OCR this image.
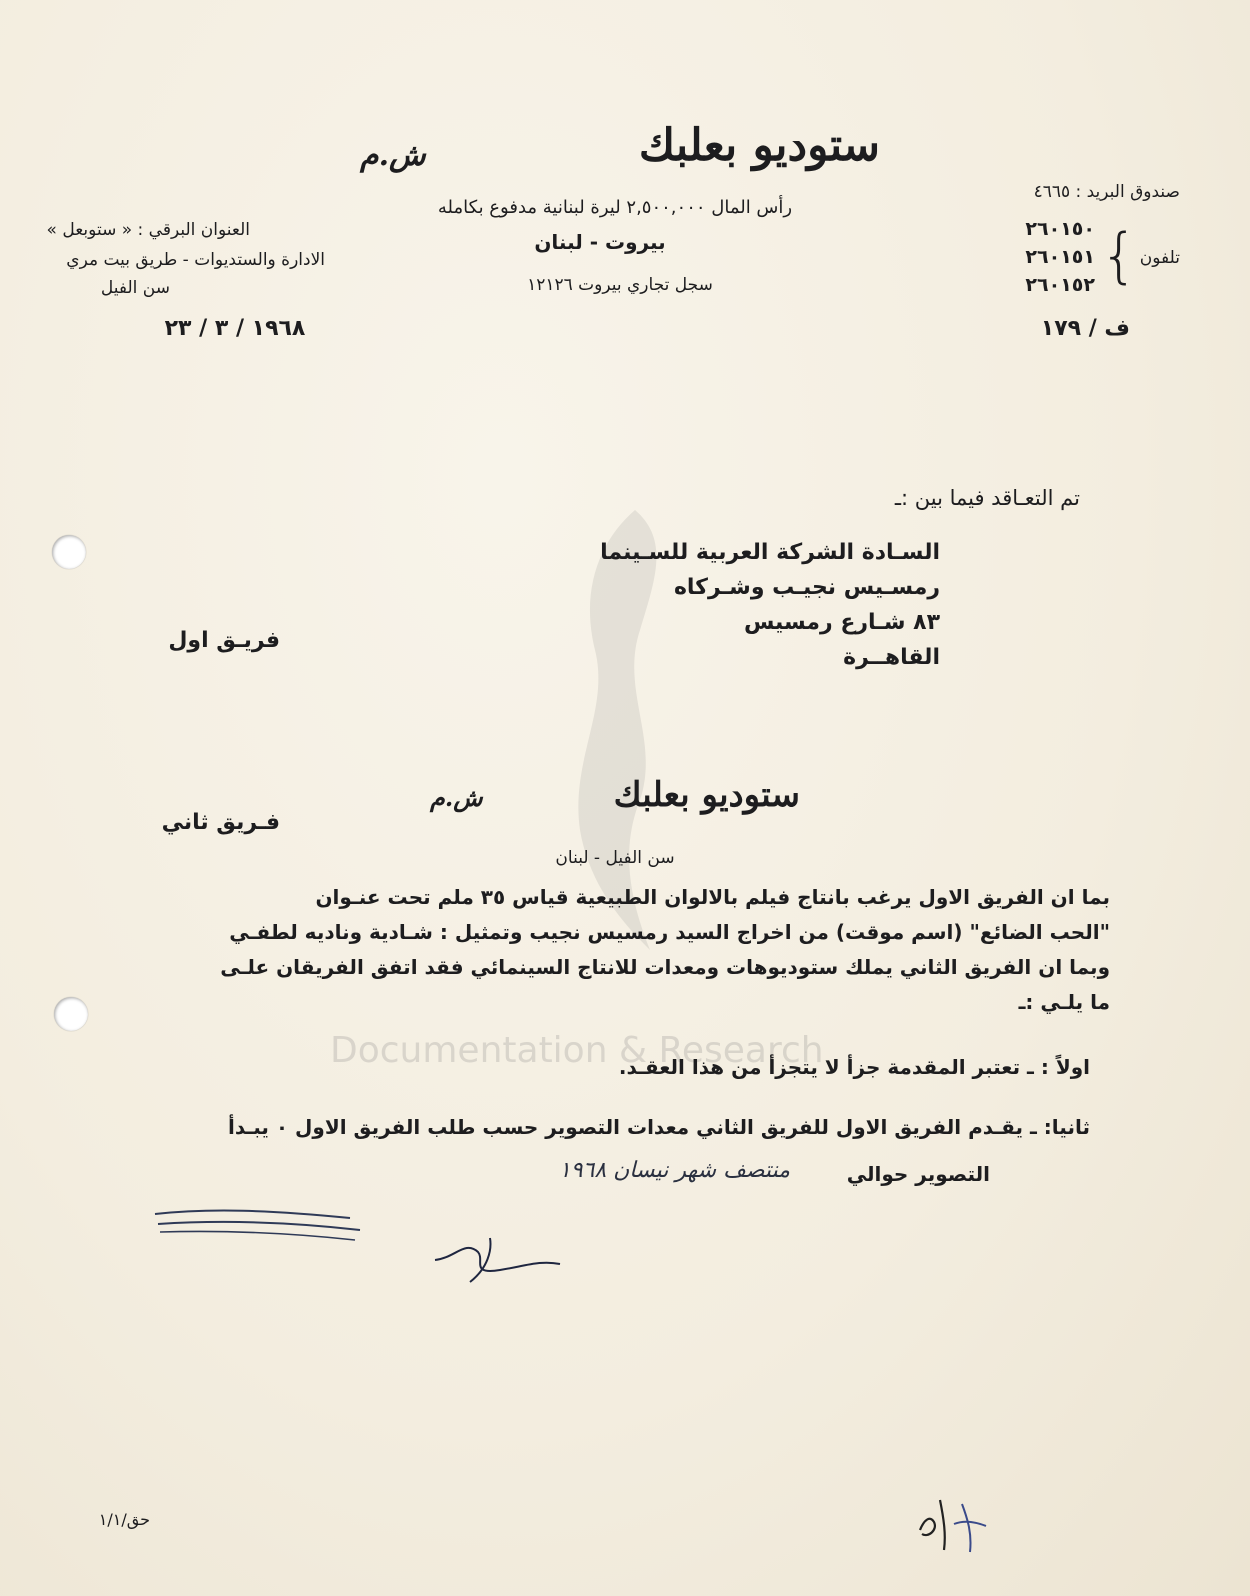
Documentation & Research
ش.م	ستوديو بعلبك
رأس المال ٢,٥٠٠,٠٠٠ ليرة لبنانية مدفوع بكامله
بيروت - لبنان
سجل تجاري بيروت ١٢١٢٦
صندوق البريد : ٤٦٦٥
تلفون
{
٢٦٠١٥٠
٢٦٠١٥١
٢٦٠١٥٢
ف / ١٧٩
العنوان البرقي : « ستوبعل »
الادارة والستديوات - طريق بيت مري
سن الفيل
١٩٦٨ / ٣ / ٢٣
تم التعـاقد فيما بين :ـ
السـادة الشركة العربية للسـينما
رمسـيس نجيـب وشـركاه
٨٣ شـارع رمسيس
القاهــرة
فريـق اول
ش.م	ستوديو بعلبك
سن الفيل - لبنان
فـريق ثاني
بما ان الفريق الاول يرغب بانتاج فيلم بالالوان الطبيعية قياس ٣٥ ملم تحت عنـوان
"الحب الضائع" (اسم موقت) من اخراج السيد رمسيس نجيب وتمثيل : شـادية وناديه لطفـي
وبما ان الفريق الثاني يملك ستوديوهات ومعدات للانتاج السينمائي فقد اتفق الفريقان علـى
ما يلـي :ـ
اولاً : ـ تعتبر المقدمة جزأ لا يتجزأ من هذا العقـد.
ثانيا: ـ يقـدم الفريق الاول للفريق الثاني معدات التصوير حسب طلب الفريق الاول ٠ يبـدأ
التصوير حوالي
منتصف شهر نيسان ١٩٦٨
حق/١/١
